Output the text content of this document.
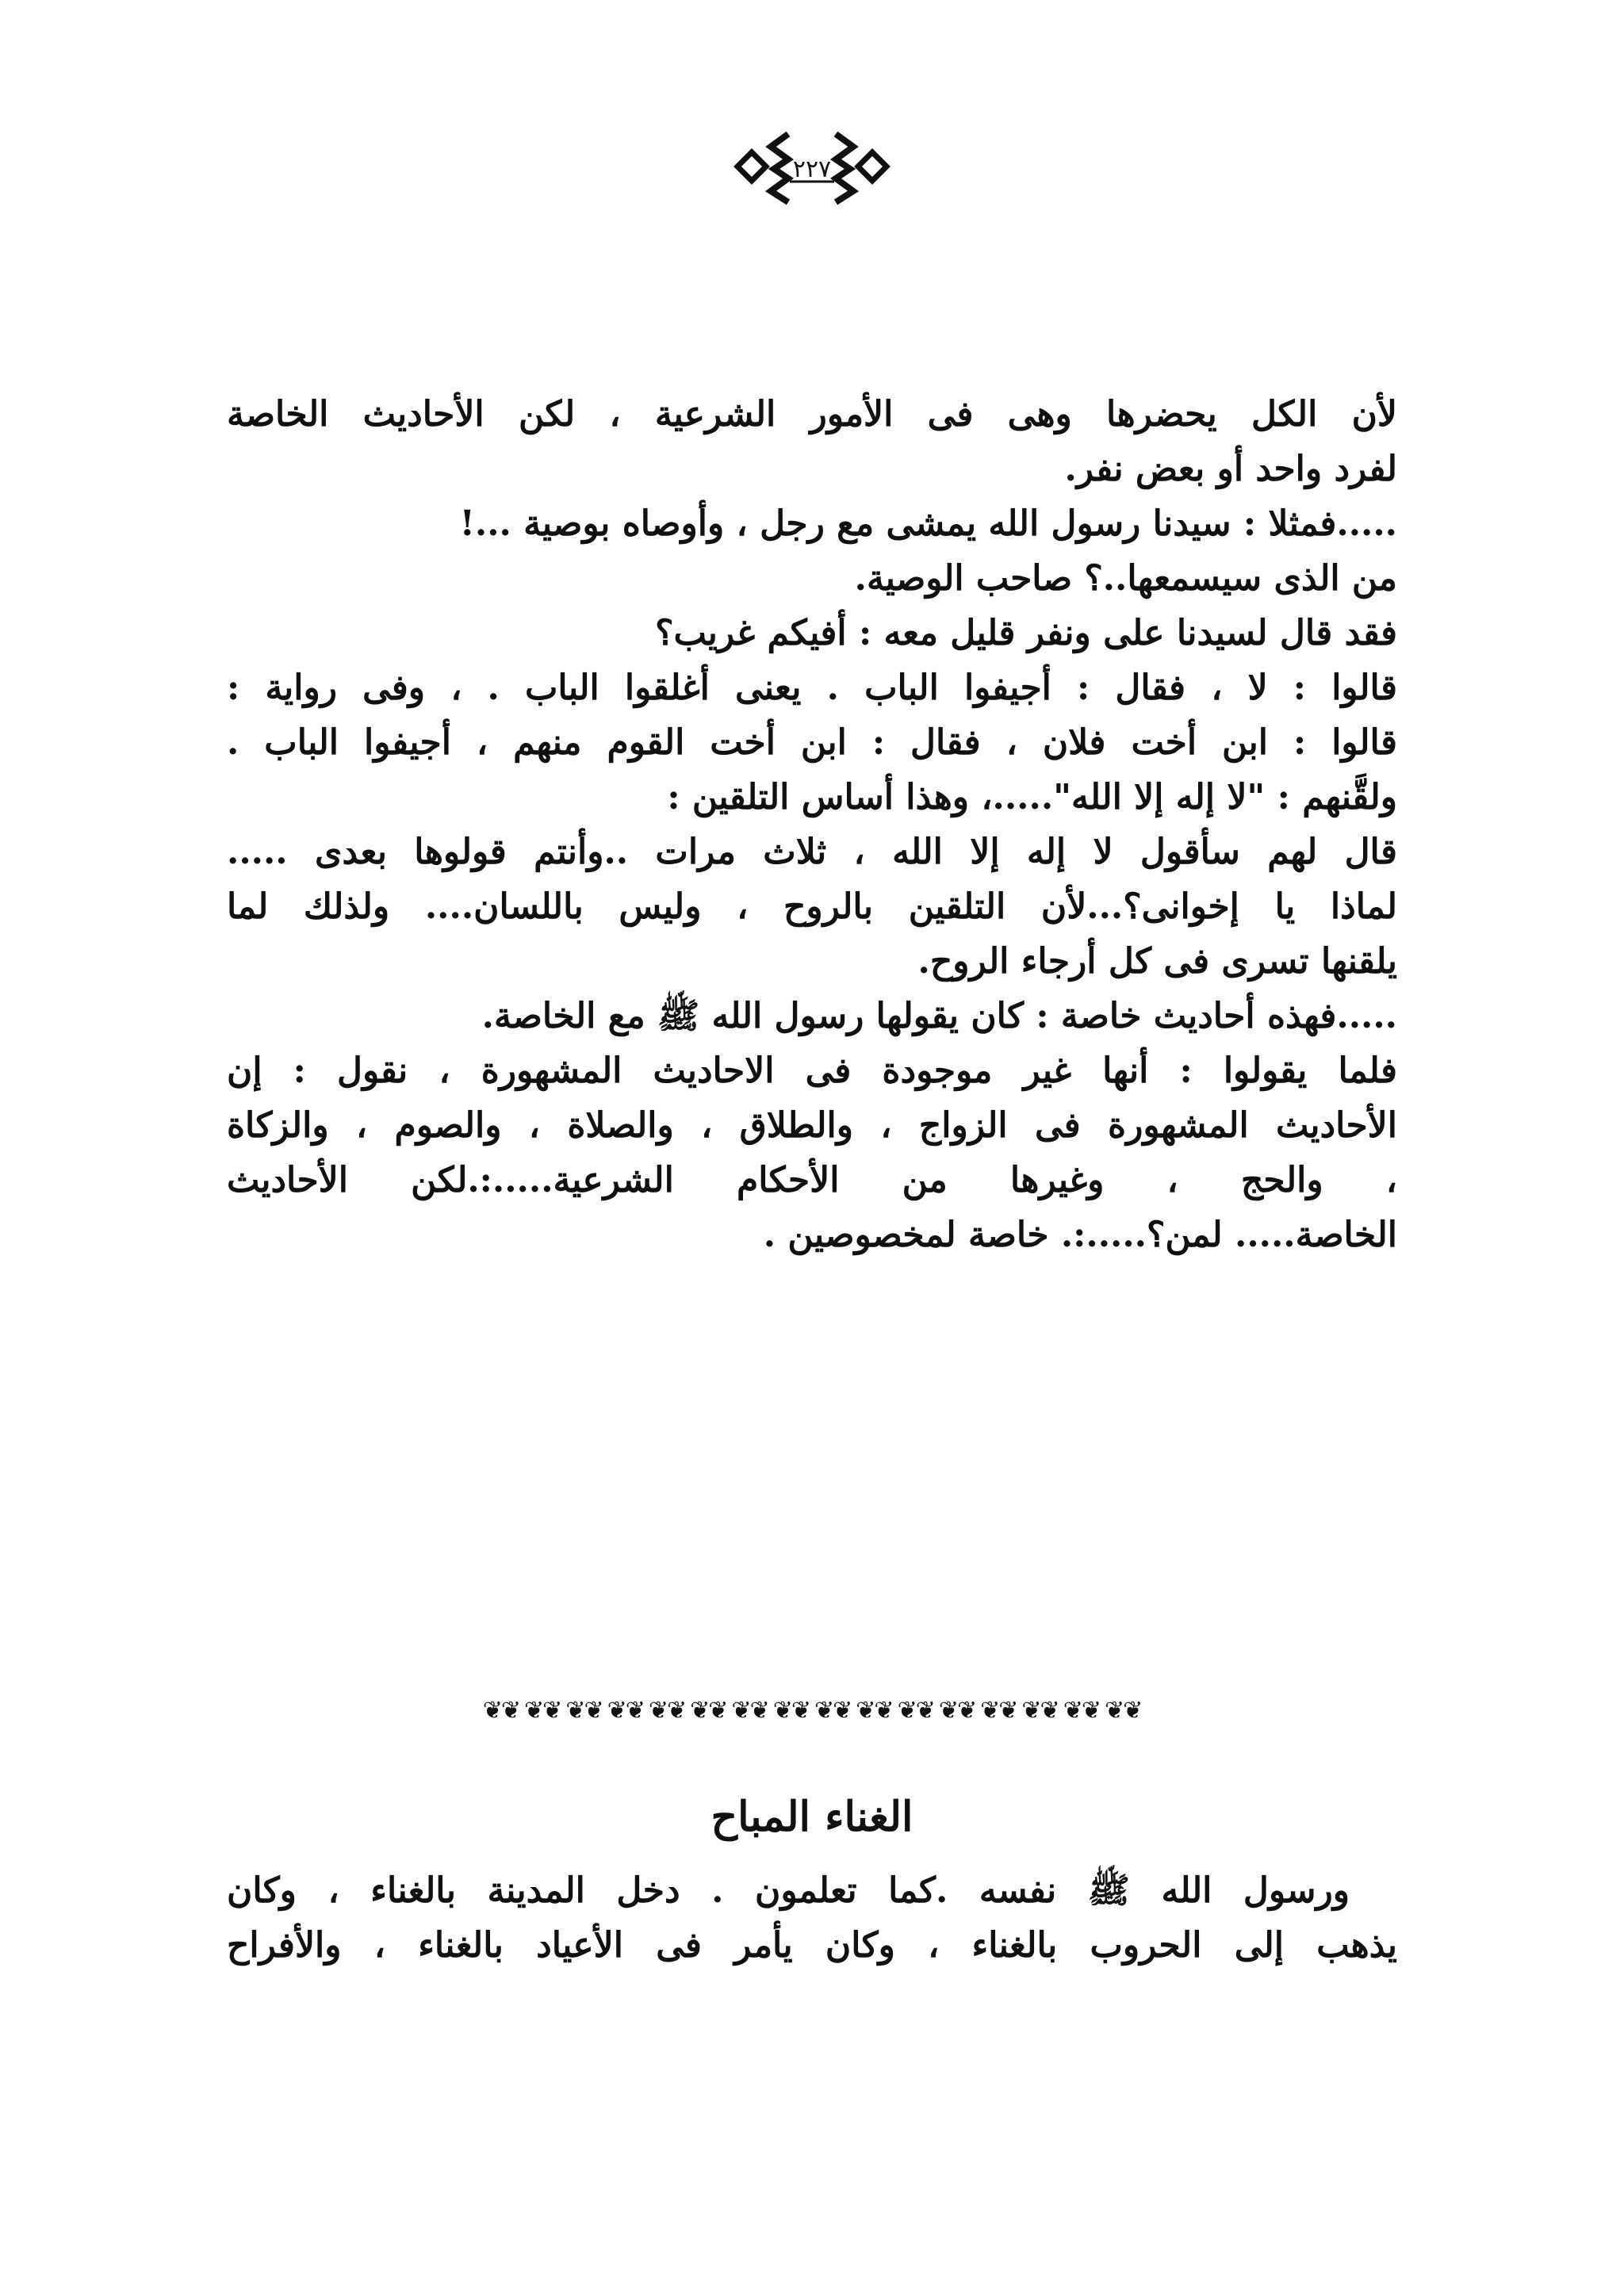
٢٢٧

لأن الكل يحضرها وهى فى الأمور الشرعية ، لكن الأحاديث الخاصة

لفرد واحد أو بعض نفر.

.....فمثلا : سيدنا رسول الله يمشى مع رجل ، وأوصاه بوصية ...!

من الذى سيسمعها..؟ صاحب الوصية.

فقد قال لسيدنا على ونفر قليل معه : أفيكم غريب؟

قالوا : لا ، فقال : أجيفوا الباب . يعنى أغلقوا الباب . ، وفى رواية :

قالوا : ابن أخت فلان ، فقال : ابن أخت القوم منهم ، أجيفوا الباب .

ولقَّنهم : "لا إله إلا الله".....، وهذا أساس التلقين :

قال لهم سأقول لا إله إلا الله ، ثلاث مرات ..وأنتم قولوها بعدى .....

لماذا يا إخوانى؟...لأن التلقين بالروح ، وليس باللسان.... ولذلك لما

يلقنها تسرى فى كل أرجاء الروح.

.....فهذه أحاديث خاصة : كان يقولها رسول الله ﷺ مع الخاصة.

فلما يقولوا : أنها غير موجودة فى الاحاديث المشهورة ، نقول : إن

الأحاديث المشهورة فى الزواج ، والطلاق ، والصلاة ، والصوم ، والزكاة

، والحج ، وغيرها من الأحكام الشرعية.....:.لكن الأحاديث

الخاصة..... لمن؟.....:. خاصة لمخصوصين .

❦❦
❦❦
❦❦
❦❦
❦❦
❦❦
❦❦
❦❦
❦❦
❦❦
❦❦
❦❦
❦❦
❦❦
❦❦
❦❦
الغناء المباح

ورسول الله ﷺ نفسه .كما تعلمون . دخل المدينة بالغناء ، وكان

يذهب إلى الحروب بالغناء ، وكان يأمر فى الأعياد بالغناء ، والأفراح
